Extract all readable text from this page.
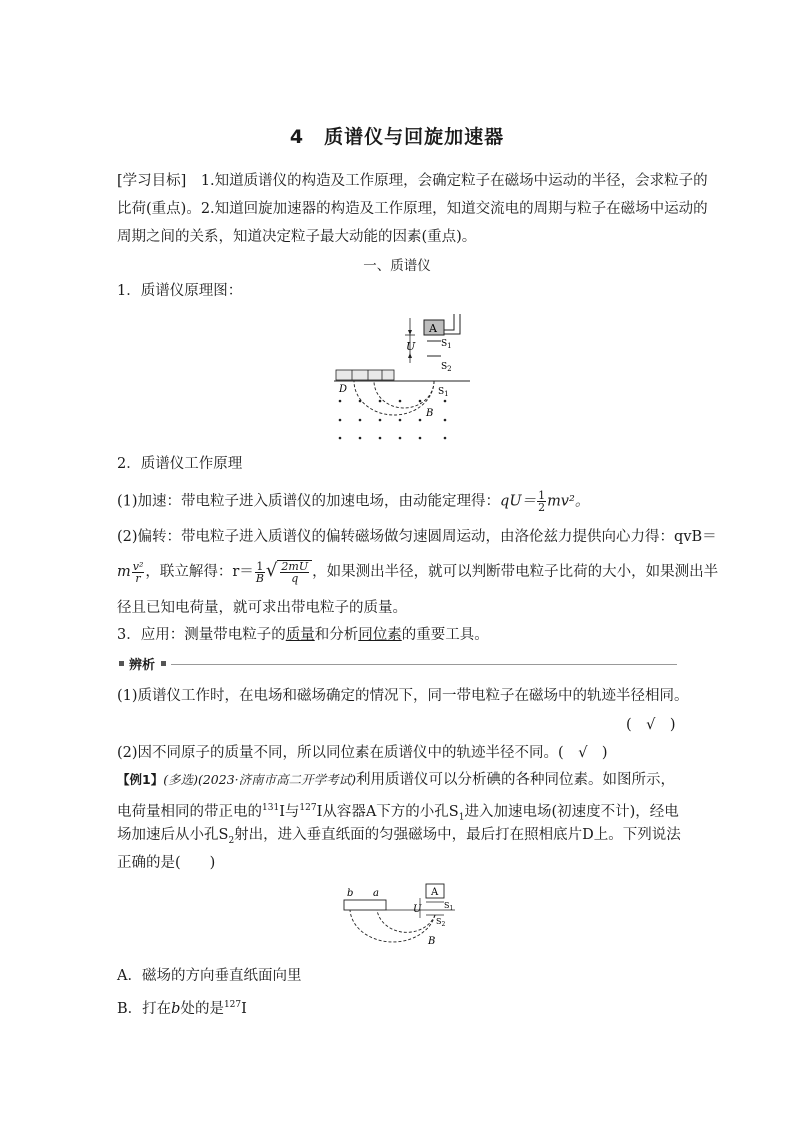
4　质谱仪与回旋加速器
[学习目标]　1.知道质谱仪的构造及工作原理，会确定粒子在磁场中运动的半径，会求粒子的
比荷(重点)。2.知道回旋加速器的构造及工作原理，知道交流电的周期与粒子在磁场中运动的
周期之间的关系，知道决定粒子最大动能的因素(重点)。
一、质谱仪
1．质谱仪原理图：
A
$S_1$
$S_2$
U
D	$S_1$
B
2．质谱仪工作原理
(1)加速：带电粒子进入质谱仪的加速电场，由动能定理得：$qU= \frac{1}{2} mv^2$。
(2)偏转：带电粒子进入质谱仪的偏转磁场做匀速圆周运动，由洛伦兹力提供向心力得：qvB＝
m $\frac{\text{v²}}{r}$ ，联立解得：$r= \frac{1}{B}$ √ $\frac{2mU}{q}$ ，如果测出半径，就可以判断带电粒子比荷的大小，如果测出半
径且已知电荷量，就可求出带电粒子的质量。
3．应用：测量带电粒子的质量和分析同位素的重要工具。
辨析
(1)质谱仪工作时，在电场和磁场确定的情况下，同一带电粒子在磁场中的轨迹半径相同。
(　√　)
(2)因不同原子的质量不同，所以同位素在质谱仪中的轨迹半径不同。(　√　)
【例1】(多选)(2023·济南市高二开学考试)利用质谱仪可以分析碘的各种同位素。如图所示，
电荷量相同的带正电的$^{131}$I与$^{127}$I从容器A下方的小孔$S_1$进入加速电场(初速度不计)，经电
场加速后从小孔$S_2$射出，进入垂直纸面的匀强磁场中，最后打在照相底片D上。下列说法
正确的是(　　)
b a	A
U	$S_1$
$S_2$
B
A．磁场的方向垂直纸面向里
B．打在b处的是$^{127}$I
